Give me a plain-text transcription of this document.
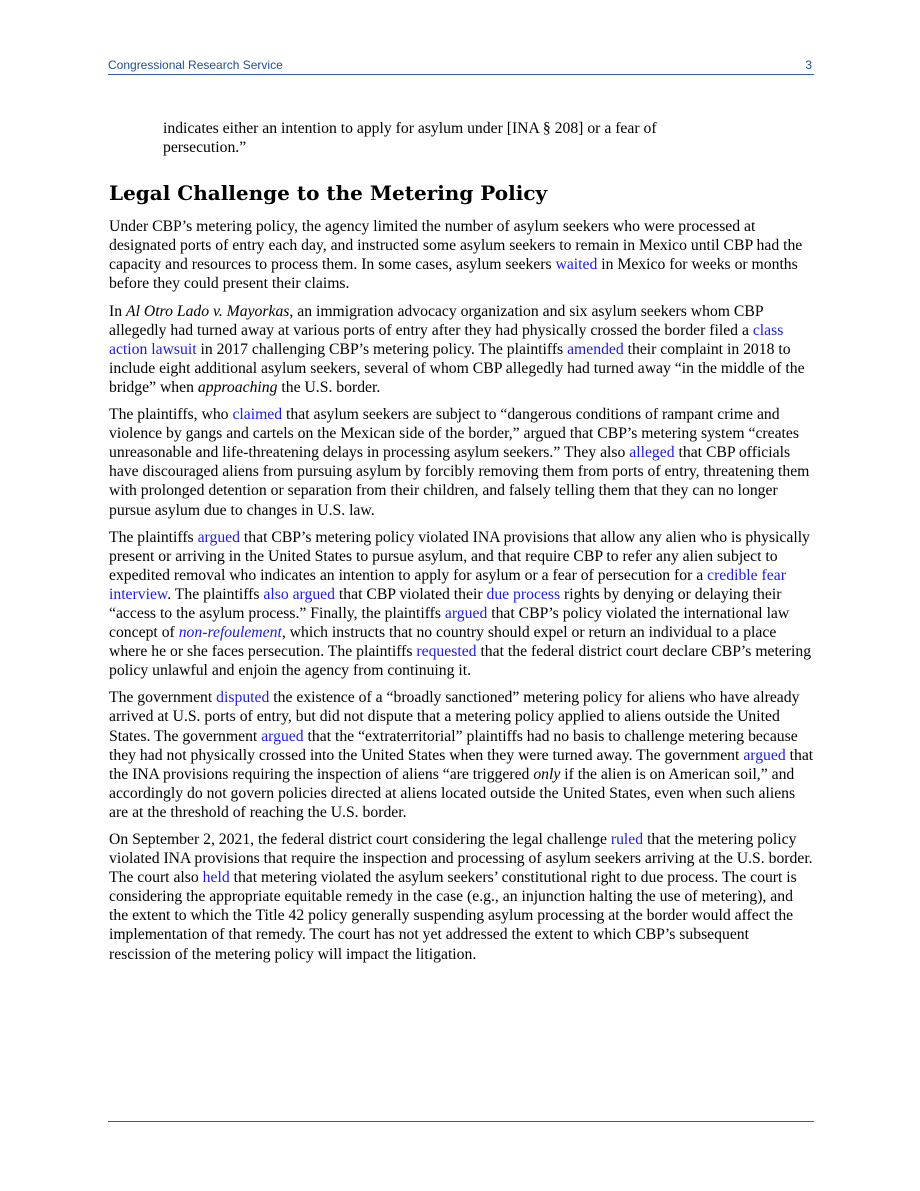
Congressional Research Service	3

indicates either an intention to apply for asylum under [INA § 208] or a fear of persecution.”

Legal Challenge to the Metering Policy

Under CBP’s metering policy, the agency limited the number of asylum seekers who were processed at designated ports of entry each day, and instructed some asylum seekers to remain in Mexico until CBP had the capacity and resources to process them. In some cases, asylum seekers waited in Mexico for weeks or months before they could present their claims.

In Al Otro Lado v. Mayorkas, an immigration advocacy organization and six asylum seekers whom CBP allegedly had turned away at various ports of entry after they had physically crossed the border filed a class action lawsuit in 2017 challenging CBP’s metering policy. The plaintiffs amended their complaint in 2018 to include eight additional asylum seekers, several of whom CBP allegedly had turned away “in the middle of the bridge” when approaching the U.S. border.

The plaintiffs, who claimed that asylum seekers are subject to “dangerous conditions of rampant crime and violence by gangs and cartels on the Mexican side of the border,” argued that CBP’s metering system “creates unreasonable and life-threatening delays in processing asylum seekers.” They also alleged that CBP officials have discouraged aliens from pursuing asylum by forcibly removing them from ports of entry, threatening them with prolonged detention or separation from their children, and falsely telling them that they can no longer pursue asylum due to changes in U.S. law.

The plaintiffs argued that CBP’s metering policy violated INA provisions that allow any alien who is physically present or arriving in the United States to pursue asylum, and that require CBP to refer any alien subject to expedited removal who indicates an intention to apply for asylum or a fear of persecution for a credible fear interview. The plaintiffs also argued that CBP violated their due process rights by denying or delaying their “access to the asylum process.” Finally, the plaintiffs argued that CBP’s policy violated the international law concept of non-refoulement, which instructs that no country should expel or return an individual to a place where he or she faces persecution. The plaintiffs requested that the federal district court declare CBP’s metering policy unlawful and enjoin the agency from continuing it.

The government disputed the existence of a “broadly sanctioned” metering policy for aliens who have already arrived at U.S. ports of entry, but did not dispute that a metering policy applied to aliens outside the United States. The government argued that the “extraterritorial” plaintiffs had no basis to challenge metering because they had not physically crossed into the United States when they were turned away. The government argued that the INA provisions requiring the inspection of aliens “are triggered only if the alien is on American soil,” and accordingly do not govern policies directed at aliens located outside the United States, even when such aliens are at the threshold of reaching the U.S. border.

On September 2, 2021, the federal district court considering the legal challenge ruled that the metering policy violated INA provisions that require the inspection and processing of asylum seekers arriving at the U.S. border. The court also held that metering violated the asylum seekers’ constitutional right to due process. The court is considering the appropriate equitable remedy in the case (e.g., an injunction halting the use of metering), and the extent to which the Title 42 policy generally suspending asylum processing at the border would affect the implementation of that remedy. The court has not yet addressed the extent to which CBP’s subsequent rescission of the metering policy will impact the litigation.
